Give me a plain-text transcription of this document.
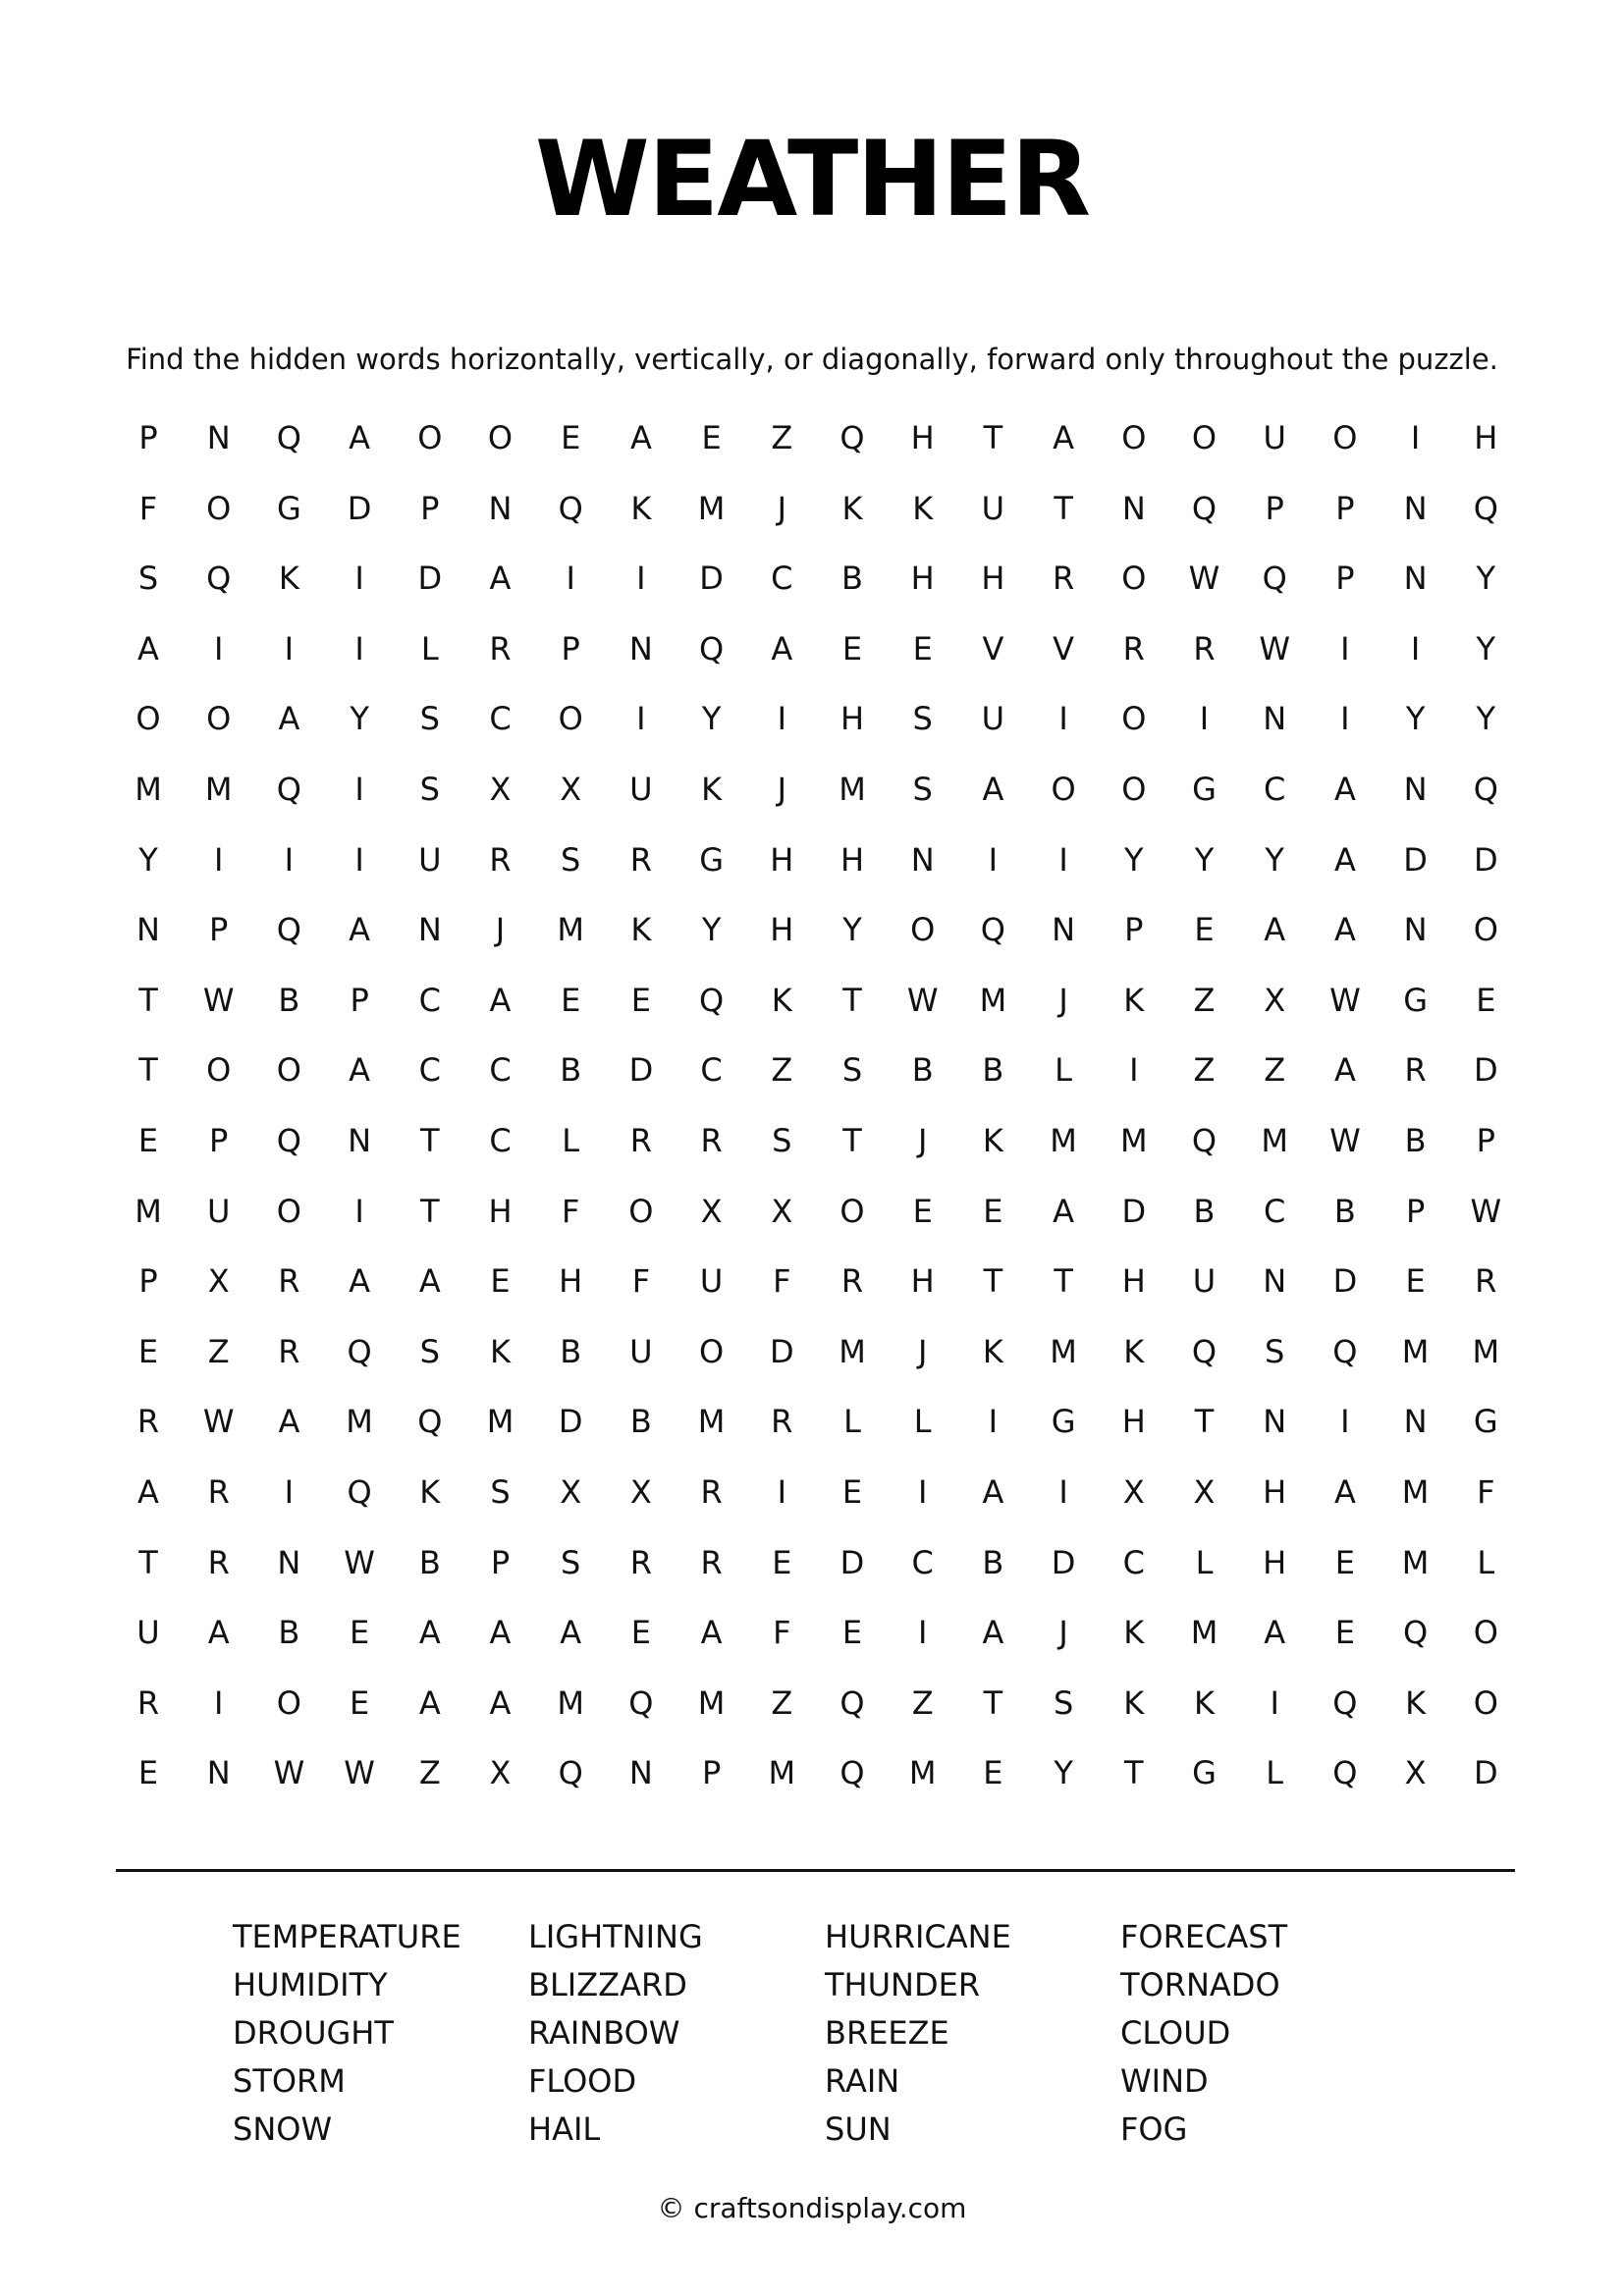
WEATHER
Find the hidden words horizontally, vertically, or diagonally, forward only throughout the puzzle.
P	N	Q	A	O	O	E	A	E	Z	Q	H	T	A	O	O	U	O	I	H
F	O	G	D	P	N	Q	K	M	J	K	K	U	T	N	Q	P	P	N	Q
S	Q	K	I	D	A	I	I	D	C	B	H	H	R	O	W	Q	P	N	Y
A	I	I	I	L	R	P	N	Q	A	E	E	V	V	R	R	W	I	I	Y
O	O	A	Y	S	C	O	I	Y	I	H	S	U	I	O	I	N	I	Y	Y
M	M	Q	I	S	X	X	U	K	J	M	S	A	O	O	G	C	A	N	Q
Y	I	I	I	U	R	S	R	G	H	H	N	I	I	Y	Y	Y	A	D	D
N	P	Q	A	N	J	M	K	Y	H	Y	O	Q	N	P	E	A	A	N	O
T	W	B	P	C	A	E	E	Q	K	T	W	M	J	K	Z	X	W	G	E
T	O	O	A	C	C	B	D	C	Z	S	B	B	L	I	Z	Z	A	R	D
E	P	Q	N	T	C	L	R	R	S	T	J	K	M	M	Q	M	W	B	P
M	U	O	I	T	H	F	O	X	X	O	E	E	A	D	B	C	B	P	W
P	X	R	A	A	E	H	F	U	F	R	H	T	T	H	U	N	D	E	R
E	Z	R	Q	S	K	B	U	O	D	M	J	K	M	K	Q	S	Q	M	M
R	W	A	M	Q	M	D	B	M	R	L	L	I	G	H	T	N	I	N	G
A	R	I	Q	K	S	X	X	R	I	E	I	A	I	X	X	H	A	M	F
T	R	N	W	B	P	S	R	R	E	D	C	B	D	C	L	H	E	M	L
U	A	B	E	A	A	A	E	A	F	E	I	A	J	K	M	A	E	Q	O
R	I	O	E	A	A	M	Q	M	Z	Q	Z	T	S	K	K	I	Q	K	O
E	N	W	W	Z	X	Q	N	P	M	Q	M	E	Y	T	G	L	Q	X	D
TEMPERATURE
HUMIDITY
DROUGHT
STORM
SNOW
LIGHTNING
BLIZZARD
RAINBOW
FLOOD
HAIL
HURRICANE
THUNDER
BREEZE
RAIN
SUN
FORECAST
TORNADO
CLOUD
WIND
FOG
© craftsondisplay.com
